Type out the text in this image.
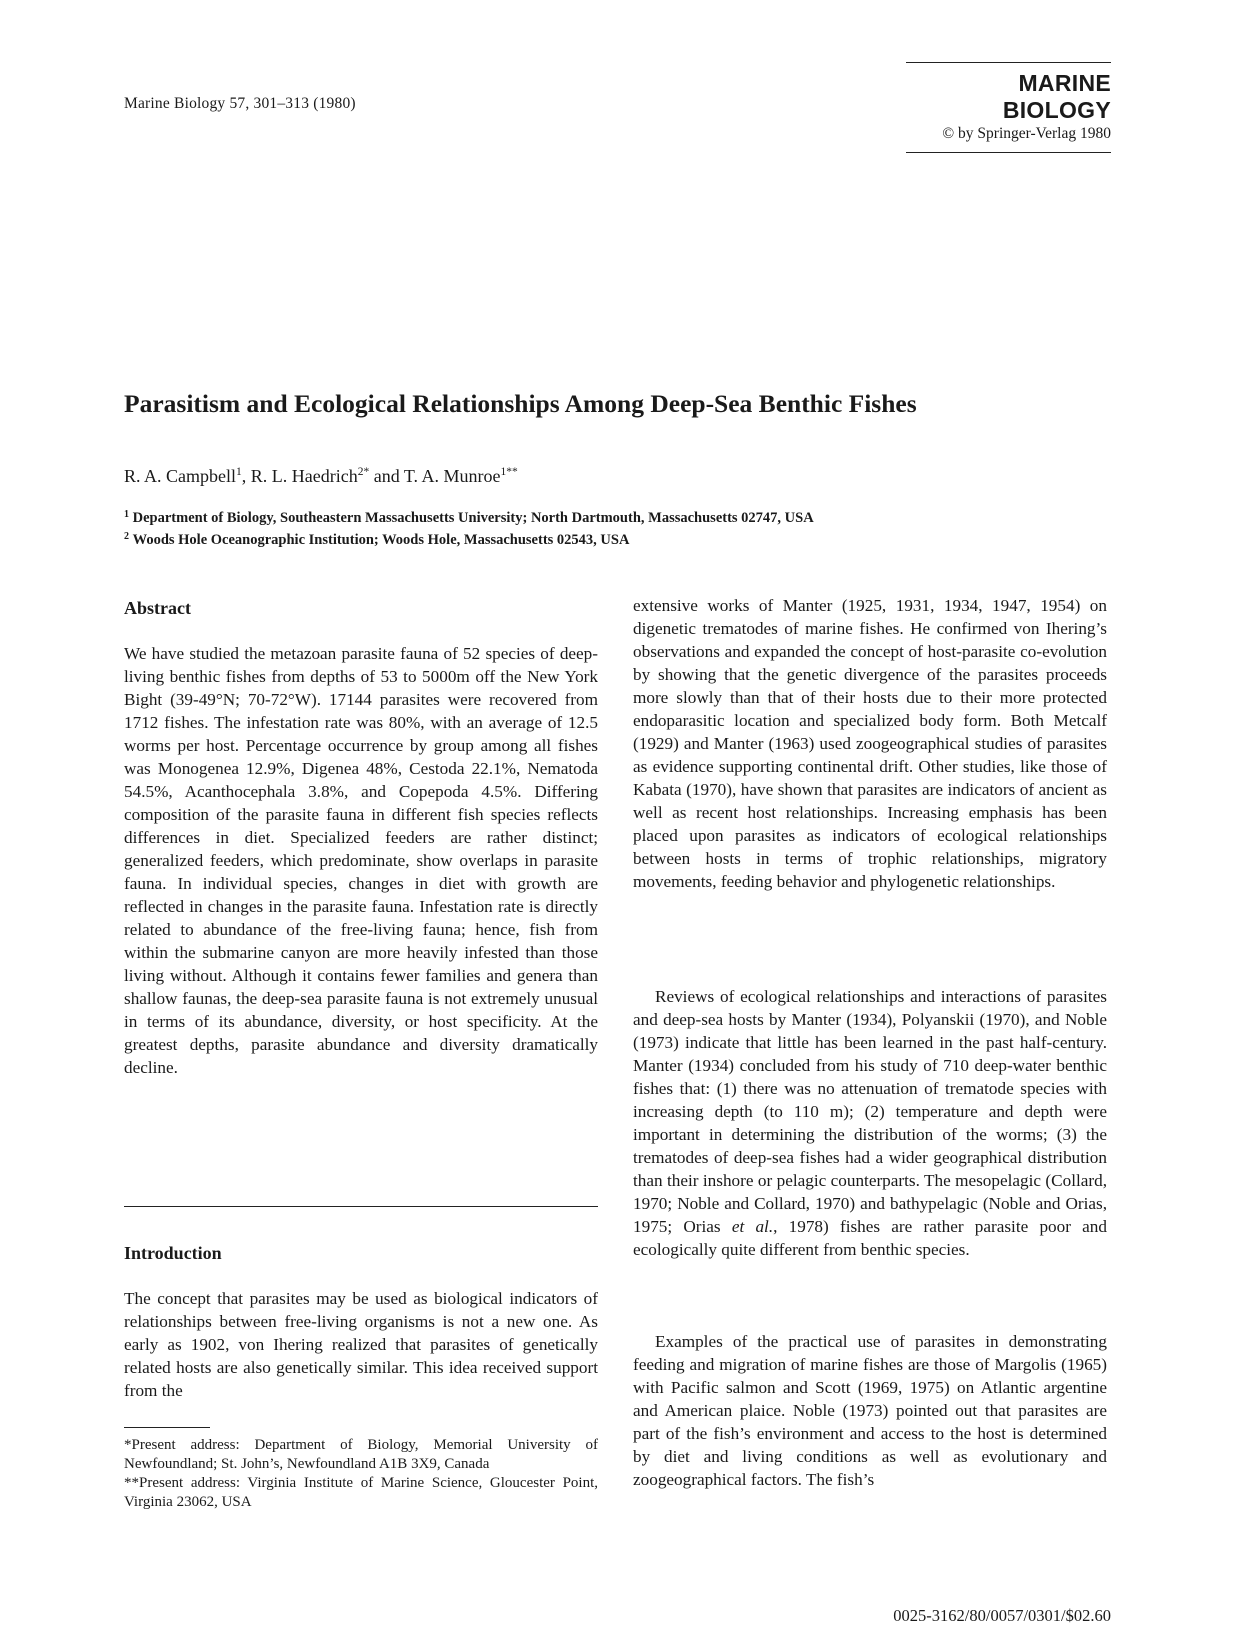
Marine Biology 57, 301–313 (1980)
MARINE BIOLOGY
© by Springer-Verlag 1980
Parasitism and Ecological Relationships Among Deep-Sea Benthic Fishes
R. A. Campbell$^1$, R. L. Haedrich$^{2*}$ and T. A. Munroe$^{1**}$
$^1$ Department of Biology, Southeastern Massachusetts University; North Dartmouth, Massachusetts 02747, USA
$^2$ Woods Hole Oceanographic Institution; Woods Hole, Massachusetts 02543, USA
Abstract
We have studied the metazoan parasite fauna of 52 species of deep-living benthic fishes from depths of 53 to 5000m off the New York Bight (39-49°N; 70-72°W). 17144 parasites were recovered from 1712 fishes. The infestation rate was 80%, with an average of 12.5 worms per host. Percentage occurrence by group among all fishes was Monogenea 12.9%, Digenea 48%, Cestoda 22.1%, Nematoda 54.5%, Acanthocephala 3.8%, and Copepoda 4.5%. Differing composition of the parasite fauna in different fish species reflects differences in diet. Specialized feeders are rather distinct; generalized feeders, which predominate, show overlaps in parasite fauna. In individual species, changes in diet with growth are reflected in changes in the parasite fauna. Infestation rate is directly related to abundance of the free-living fauna; hence, fish from within the submarine canyon are more heavily infested than those living without. Although it contains fewer families and genera than shallow faunas, the deep-sea parasite fauna is not extremely unusual in terms of its abundance, diversity, or host specificity. At the greatest depths, parasite abundance and diversity dramatically decline.
Introduction
The concept that parasites may be used as biological indicators of relationships between free-living organisms is not a new one. As early as 1902, von Ihering realized that parasites of genetically related hosts are also genetically similar. This idea received support from the
extensive works of Manter (1925, 1931, 1934, 1947, 1954) on digenetic trematodes of marine fishes. He confirmed von Ihering’s observations and expanded the concept of host-parasite co-evolution by showing that the genetic divergence of the parasites proceeds more slowly than that of their hosts due to their more protected endoparasitic location and specialized body form. Both Metcalf (1929) and Manter (1963) used zoogeographical studies of parasites as evidence supporting continental drift. Other studies, like those of Kabata (1970), have shown that parasites are indicators of ancient as well as recent host relationships. Increasing emphasis has been placed upon parasites as indicators of ecological relationships between hosts in terms of trophic relationships, migratory movements, feeding behavior and phylogenetic relationships.
Reviews of ecological relationships and interactions of parasites and deep-sea hosts by Manter (1934), Polyanskii (1970), and Noble (1973) indicate that little has been learned in the past half-century. Manter (1934) concluded from his study of 710 deep-water benthic fishes that: (1) there was no attenuation of trematode species with increasing depth (to 110 m); (2) temperature and depth were important in determining the distribution of the worms; (3) the trematodes of deep-sea fishes had a wider geographical distribution than their inshore or pelagic counterparts. The mesopelagic (Collard, 1970; Noble and Collard, 1970) and bathypelagic (Noble and Orias, 1975; Orias et al., 1978) fishes are rather parasite poor and ecologically quite different from benthic species.
Examples of the practical use of parasites in demonstrating feeding and migration of marine fishes are those of Margolis (1965) with Pacific salmon and Scott (1969, 1975) on Atlantic argentine and American plaice. Noble (1973) pointed out that parasites are part of the fish’s environment and access to the host is determined by diet and living conditions as well as evolutionary and zoogeographical factors. The fish’s
*Present address: Department of Biology, Memorial University of Newfoundland; St. John’s, Newfoundland A1B 3X9, Canada
**Present address: Virginia Institute of Marine Science, Gloucester Point, Virginia 23062, USA
0025-3162/80/0057/0301/$02.60
